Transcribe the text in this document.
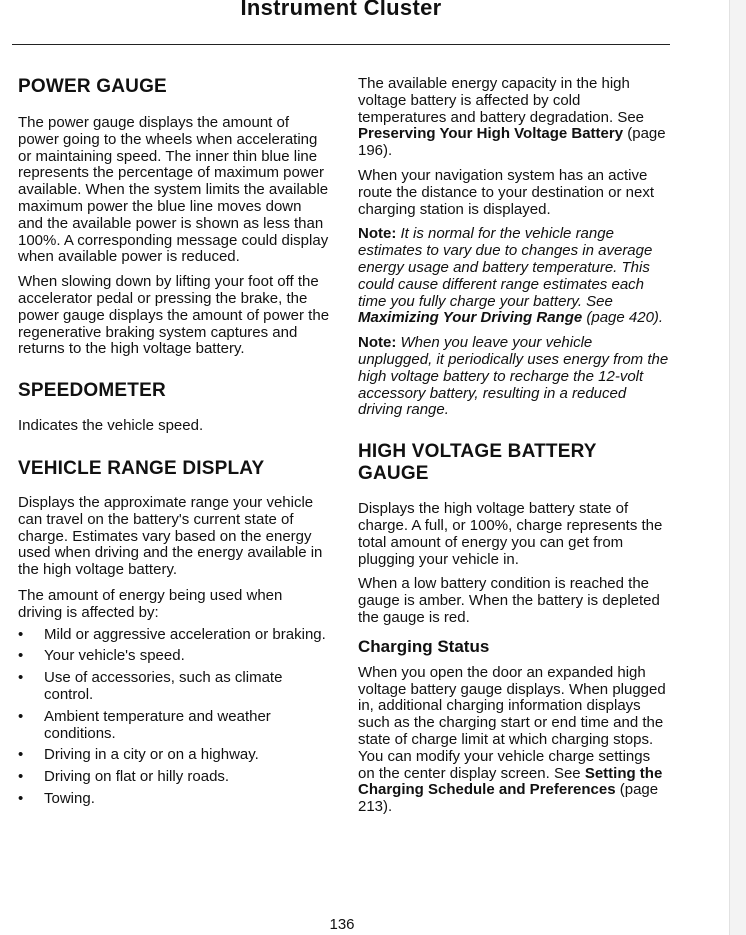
Instrument Cluster
POWER GAUGE

The power gauge displays the amount of power going to the wheels when accelerating or maintaining speed. The inner thin blue line represents the percentage of maximum power available. When the system limits the available maximum power the blue line moves down and the available power is shown as less than 100%. A corresponding message could display when available power is reduced.

When slowing down by lifting your foot off the accelerator pedal or pressing the brake, the power gauge displays the amount of power the regenerative braking system captures and returns to the high voltage battery.

SPEEDOMETER

Indicates the vehicle speed.

VEHICLE RANGE DISPLAY

Displays the approximate range your vehicle can travel on the battery's current state of charge. Estimates vary based on the energy used when driving and the energy available in the high voltage battery.

The amount of energy being used when driving is affected by:

• Mild or aggressive acceleration or braking.
• Your vehicle's speed.
• Use of accessories, such as climate control.
• Ambient temperature and weather conditions.
• Driving in a city or on a highway.
• Driving on flat or hilly roads.
• Towing.

The available energy capacity in the high voltage battery is affected by cold temperatures and battery degradation. See Preserving Your High Voltage Battery (page 196).

When your navigation system has an active route the distance to your destination or next charging station is displayed.

Note: It is normal for the vehicle range estimates to vary due to changes in average energy usage and battery temperature. This could cause different range estimates each time you fully charge your battery. See Maximizing Your Driving Range (page 420).

Note: When you leave your vehicle unplugged, it periodically uses energy from the high voltage battery to recharge the 12-volt accessory battery, resulting in a reduced driving range.

HIGH VOLTAGE BATTERY GAUGE

Displays the high voltage battery state of charge. A full, or 100%, charge represents the total amount of energy you can get from plugging your vehicle in.

When a low battery condition is reached the gauge is amber. When the battery is depleted the gauge is red.

Charging Status

When you open the door an expanded high voltage battery gauge displays. When plugged in, additional charging information displays such as the charging start or end time and the state of charge limit at which charging stops. You can modify your vehicle charge settings on the center display screen. See Setting the Charging Schedule and Preferences (page 213).

136
